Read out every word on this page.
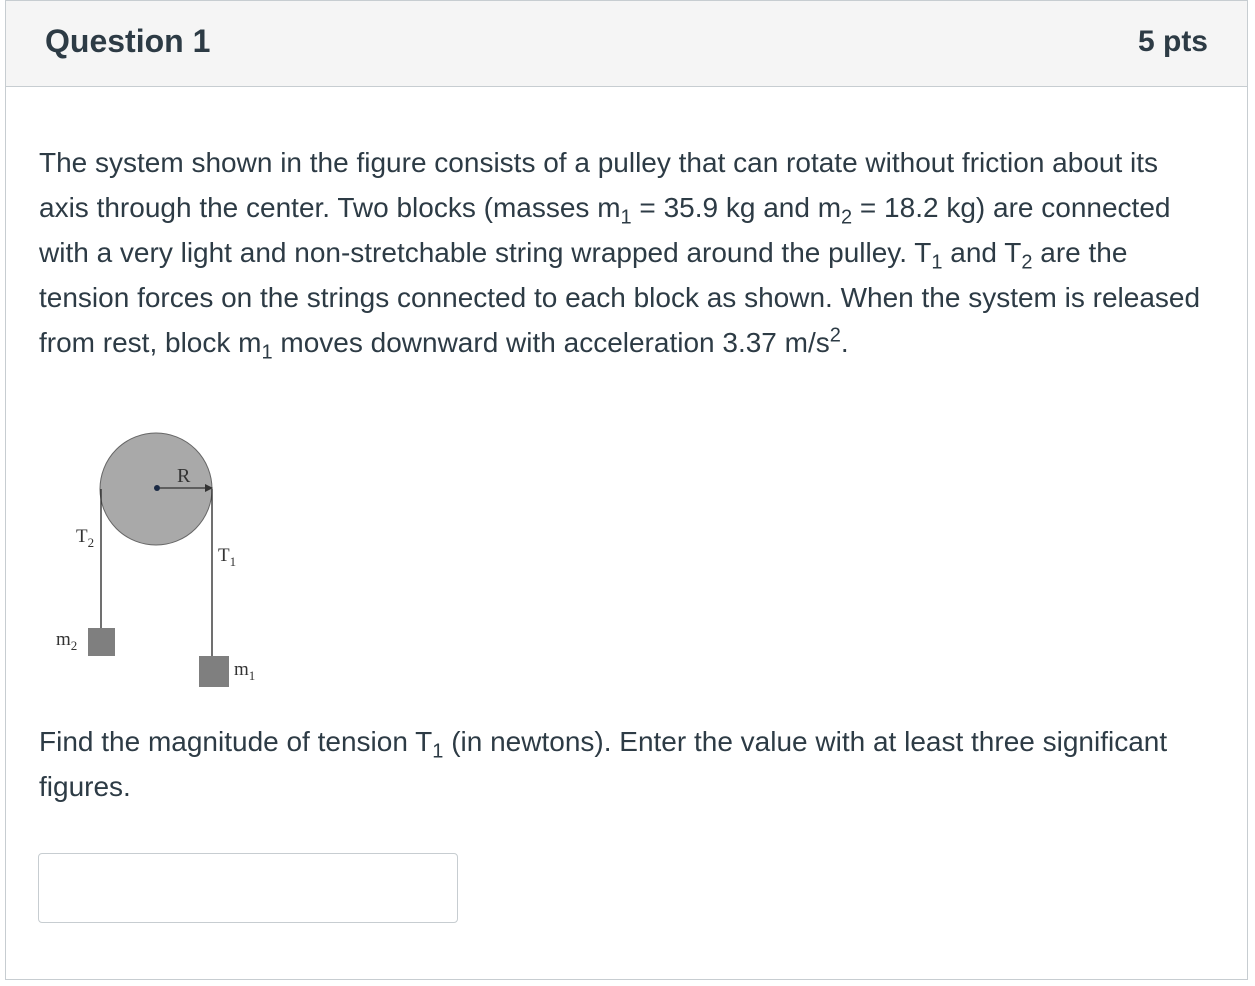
Question 1	5 pts

The system shown in the figure consists of a pulley that can rotate without friction about its axis through the center. Two blocks (masses $m_1 = 35.9$ kg and $m_2 = 18.2$ kg) are connected with a very light and non-stretchable string wrapped around the pulley. $T_1$ and $T_2$ are the tension forces on the strings connected to each block as shown. When the system is released from rest, block $m_1$ moves downward with acceleration 3.37 $m/s^2$.

R
$T_2$
$T_1$
$m_2$
$m_1$

Find the magnitude of tension $T_1$ (in newtons). Enter the value with at least three significant figures.
